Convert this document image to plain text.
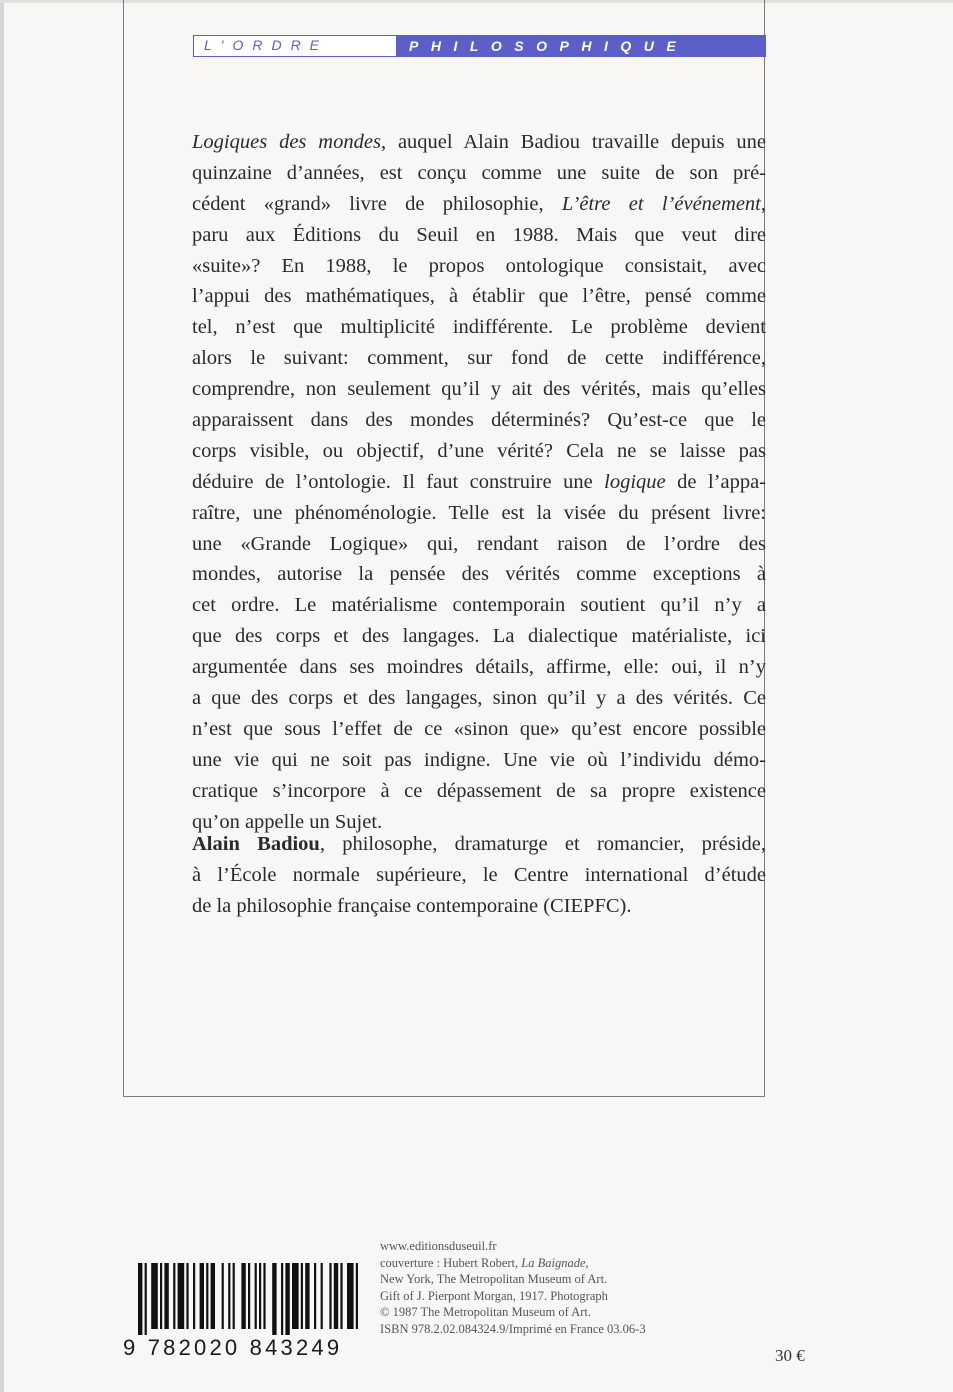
L'ORDRE	PHILOSOPHIQUE
Logiques des mondes, auquel Alain Badiou travaille depuis une
quinzaine d’années, est conçu comme une suite de son pré-
cédent «grand» livre de philosophie, L’être et l’événement,
paru aux Éditions du Seuil en 1988. Mais que veut dire
«suite»? En 1988, le propos ontologique consistait, avec
l’appui des mathématiques, à établir que l’être, pensé comme
tel, n’est que multiplicité indifférente. Le problème devient
alors le suivant: comment, sur fond de cette indifférence,
comprendre, non seulement qu’il y ait des vérités, mais qu’elles
apparaissent dans des mondes déterminés? Qu’est-ce que le
corps visible, ou objectif, d’une vérité? Cela ne se laisse pas
déduire de l’ontologie. Il faut construire une logique de l’appa-
raître, une phénoménologie. Telle est la visée du présent livre:
une «Grande Logique» qui, rendant raison de l’ordre des
mondes, autorise la pensée des vérités comme exceptions à
cet ordre. Le matérialisme contemporain soutient qu’il n’y a
que des corps et des langages. La dialectique matérialiste, ici
argumentée dans ses moindres détails, affirme, elle: oui, il n’y
a que des corps et des langages, sinon qu’il y a des vérités. Ce
n’est que sous l’effet de ce «sinon que» qu’est encore possible
une vie qui ne soit pas indigne. Une vie où l’individu démo-
cratique s’incorpore à ce dépassement de sa propre existence
qu’on appelle un Sujet.
Alain Badiou, philosophe, dramaturge et romancier, préside,
à l’École normale supérieure, le Centre international d’étude
de la philosophie française contemporaine (CIEPFC).
9 782020 843249
www.editionsduseuil.fr
couverture : Hubert Robert, La Baignade,
New York, The Metropolitan Museum of Art.
Gift of J. Pierpont Morgan, 1917. Photograph
© 1987 The Metropolitan Museum of Art.
ISBN 978.2.02.084324.9/Imprimé en France 03.06-3
30 €
